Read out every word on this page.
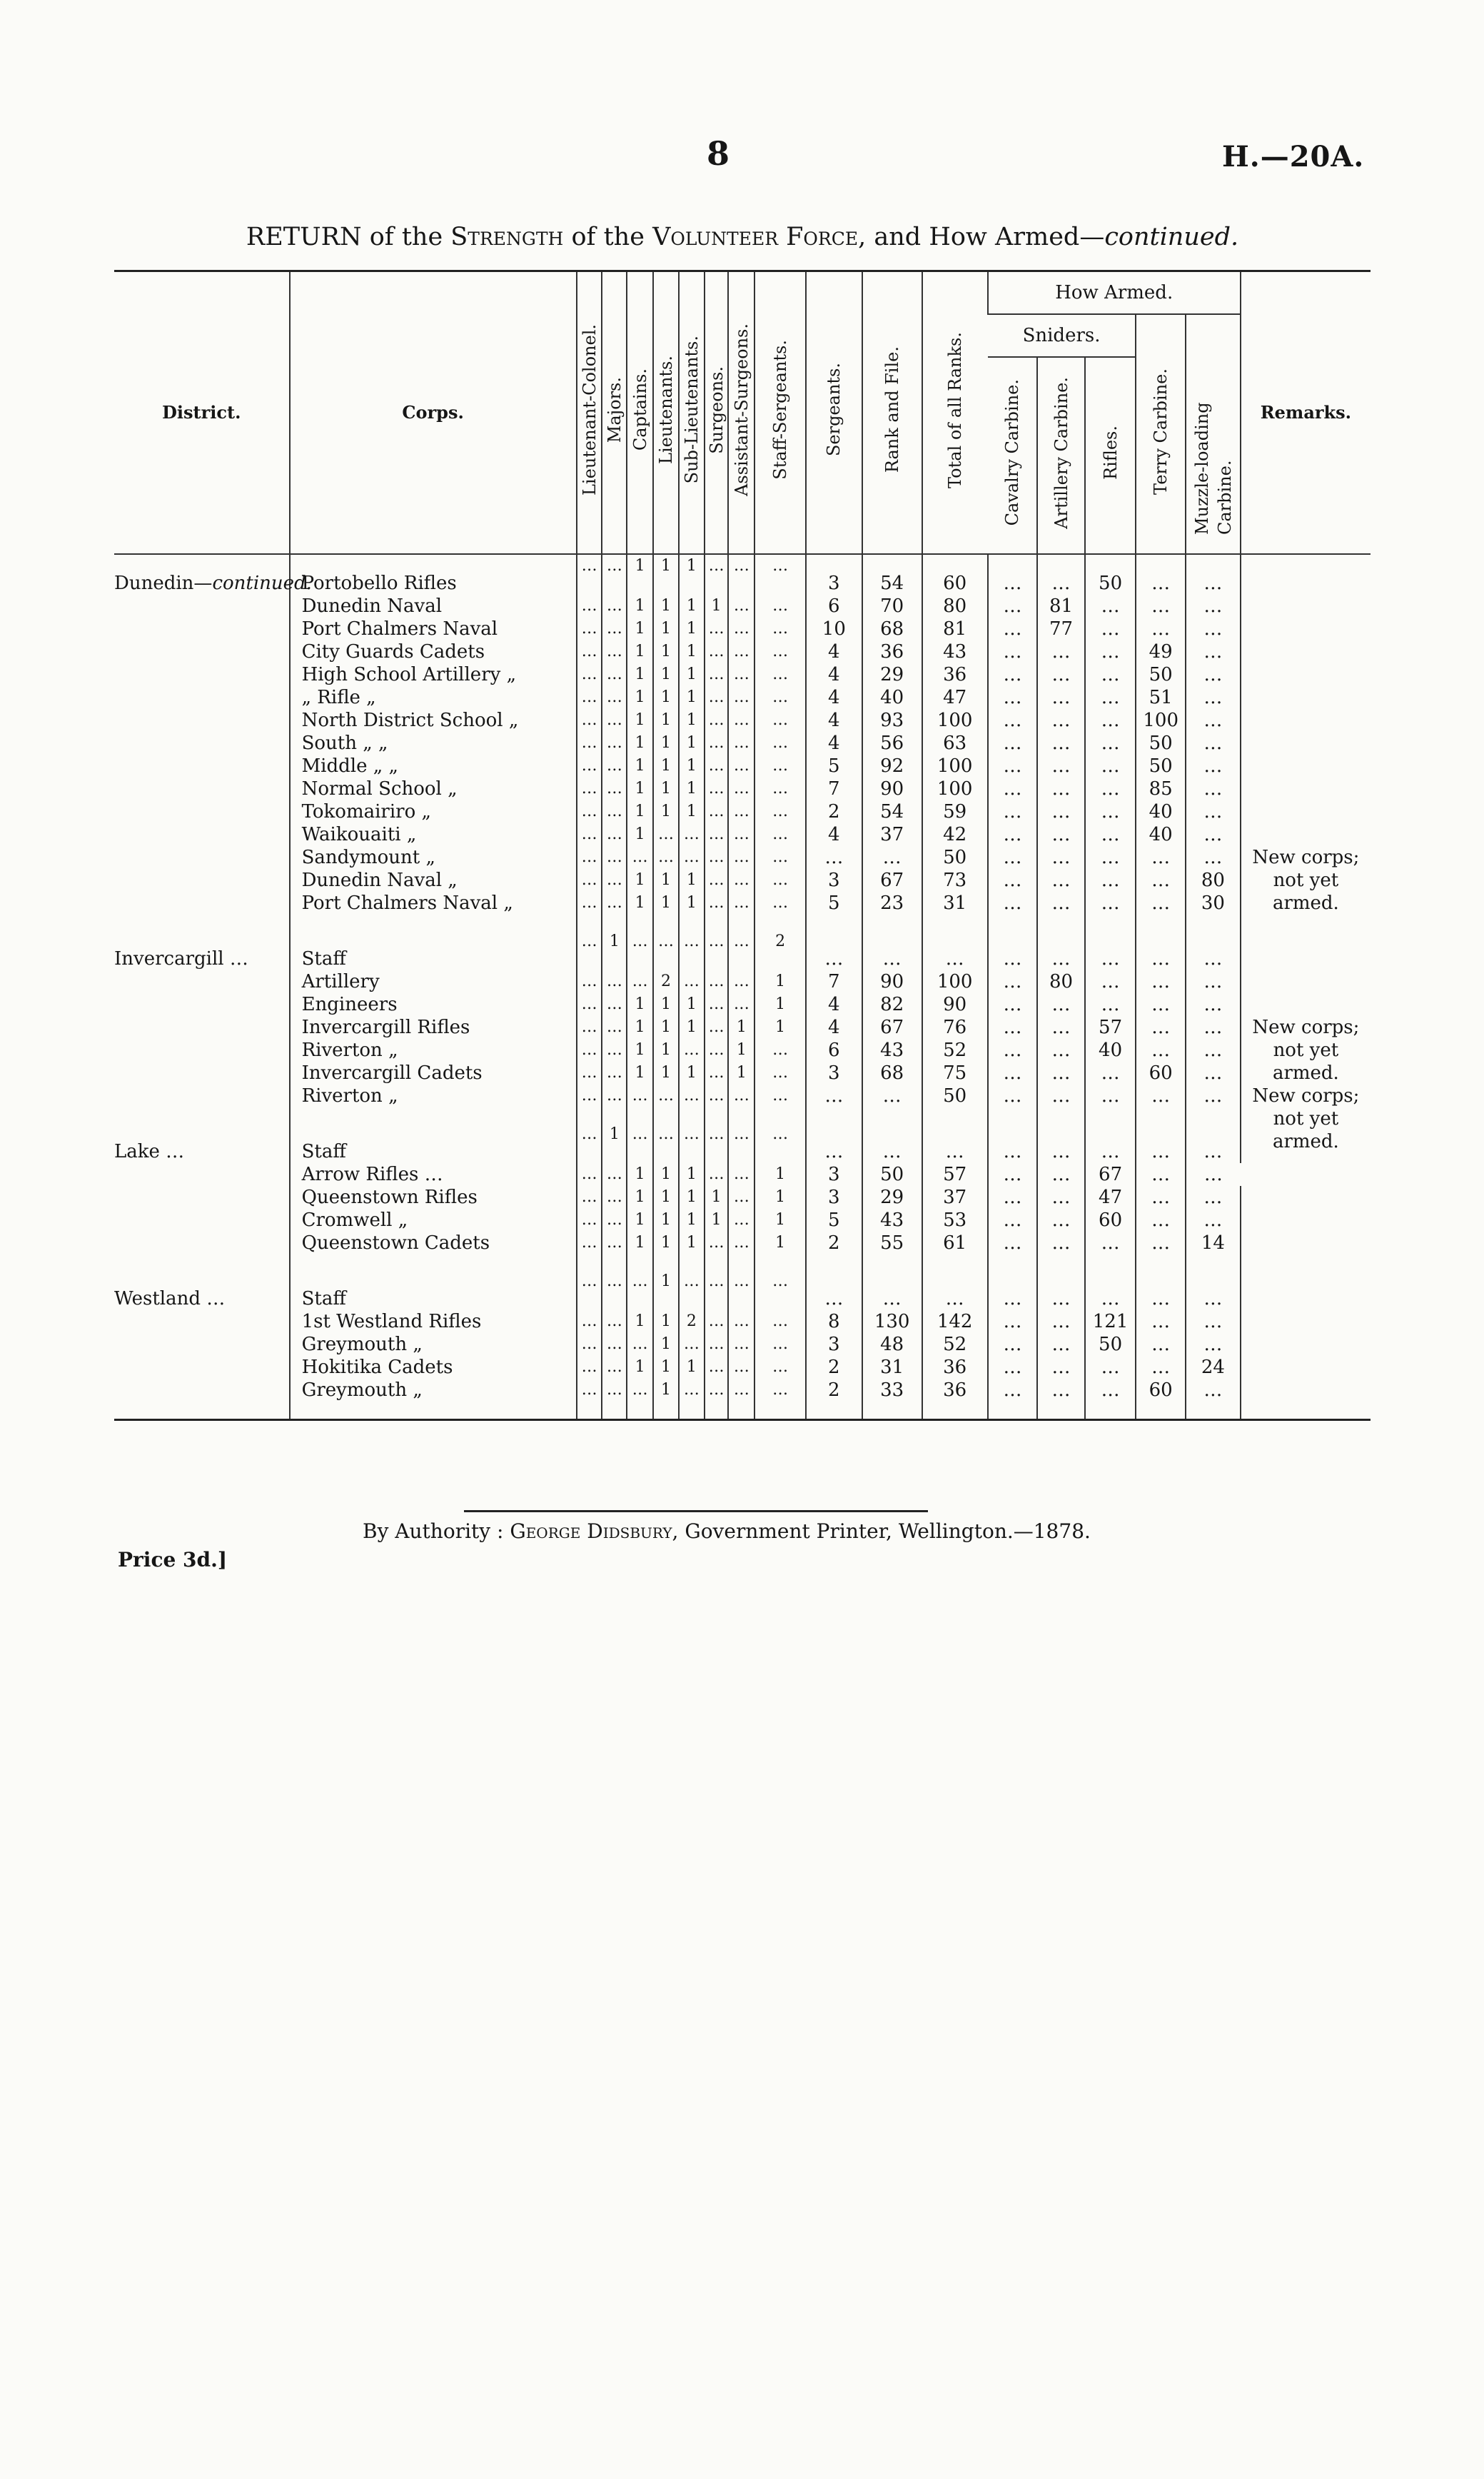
8	H.—20A.
RETURN of the Strength of the Volunteer Force, and How Armed—continued.
District.	Corps.	Lieutenant-Colonel.	Majors.	Captains.	Lieutenants.	Sub-Lieutenants.	Surgeons.	Assistant-Surgeons.	Staff-Sergeants.	Sergeants.	Rank and File.	Total of all Ranks.	How Armed.					Remarks.
													Sniders.			Terry Carbine.	Muzzle-loading Carbine.	
													Cavalry Carbine.	Artillery Carbine.	Rifles.			
Dunedin—continued.	Portobello Rifles	…	…	1	1	1	…	…	…	3	54	60	…	…	50	…	…	
	Dunedin Naval	…	…	1	1	1	1	…	…	6	70	80	…	81	…	…	…	
	Port Chalmers Naval	…	…	1	1	1	…	…	…	10	68	81	…	77	…	…	…	
	City Guards Cadets	…	…	1	1	1	…	…	…	4	36	43	…	…	…	49	…	
	High School Artillery „	…	…	1	1	1	…	…	…	4	29	36	…	…	…	50	…	
	„ Rifle „	…	…	1	1	1	…	…	…	4	40	47	…	…	…	51	…	
	North District School „	…	…	1	1	1	…	…	…	4	93	100	…	…	…	100	…	
	South „ „	…	…	1	1	1	…	…	…	4	56	63	…	…	…	50	…	
	Middle „ „	…	…	1	1	1	…	…	…	5	92	100	…	…	…	50	…	
	Normal School „	…	…	1	1	1	…	…	…	7	90	100	…	…	…	85	…	
	Tokomairiro „	…	…	1	1	1	…	…	…	2	54	59	…	…	…	40	…	
	Waikouaiti „	…	…	1	…	…	…	…	…	4	37	42	…	…	…	40	…	
	Sandymount „	…	…	…	…	…	…	…	…	…	…	50	…	…	…	…	…	New corps; not yet armed.
	Dunedin Naval „	…	…	1	1	1	…	…	…	3	67	73	…	…	…	…	80	
	Port Chalmers Naval „	…	…	1	1	1	…	…	…	5	23	31	…	…	…	…	30	

Invercargill …	Staff	…	1	…	…	…	…	…	2	…	…	…	…	…	…	…	…	
	Artillery	…	…	…	2	…	…	…	1	7	90	100	…	80	…	…	…	
	Engineers	…	…	1	1	1	…	…	1	4	82	90	…	…	…	…	…	
	Invercargill Rifles	…	…	1	1	1	…	1	1	4	67	76	…	…	57	…	…	New corps; not yet armed.
	Riverton „	…	…	1	1	…	…	1	…	6	43	52	…	…	40	…	…	
	Invercargill Cadets	…	…	1	1	1	…	1	…	3	68	75	…	…	…	60	…	
	Riverton „	…	…	…	…	…	…	…	…	…	…	50	…	…	…	…	…	New corps; not yet armed.

Lake …	Staff	…	1	…	…	…	…	…	…	…	…	…	…	…	…	…	…	
	Arrow Rifles …	…	…	1	1	1	…	…	1	3	50	57	…	…	67	…	…	
	Queenstown Rifles	…	…	1	1	1	1	…	1	3	29	37	…	…	47	…	…	
	Cromwell „	…	…	1	1	1	1	…	1	5	43	53	…	…	60	…	…	
	Queenstown Cadets	…	…	1	1	1	…	…	1	2	55	61	…	…	…	…	14	

Westland …	Staff	…	…	…	1	…	…	…	…	…	…	…	…	…	…	…	…	
	1st Westland Rifles	…	…	1	1	2	…	…	…	8	130	142	…	…	121	…	…	
	Greymouth „	…	…	…	1	…	…	…	…	3	48	52	…	…	50	…	…	
	Hokitika Cadets	…	…	1	1	1	…	…	…	2	31	36	…	…	…	…	24	
	Greymouth „	…	…	…	1	…	…	…	…	2	33	36	…	…	…	60	…	

By Authority : George Didsbury, Government Printer, Wellington.—1878.
Price 3d.]
